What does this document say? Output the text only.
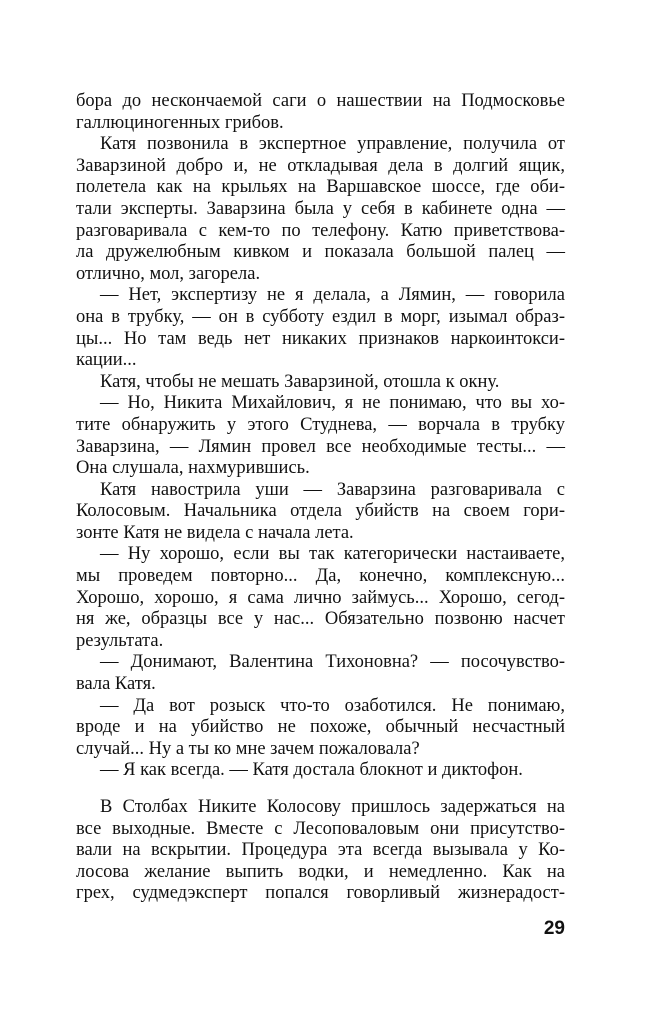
бора до нескончаемой саги о нашествии на Подмосковье
галлюциногенных грибов.
Катя позвонила в экспертное управление, получила от
Заварзиной добро и, не откладывая дела в долгий ящик,
полетела как на крыльях на Варшавское шоссе, где оби-
тали эксперты. Заварзина была у себя в кабинете одна —
разговаривала с кем-то по телефону. Катю приветствова-
ла дружелюбным кивком и показала большой палец —
отлично, мол, загорела.
— Нет, экспертизу не я делала, а Лямин, — говорила
она в трубку, — он в субботу ездил в морг, изымал образ-
цы... Но там ведь нет никаких признаков наркоинтокси-
кации...
Катя, чтобы не мешать Заварзиной, отошла к окну.
— Но, Никита Михайлович, я не понимаю, что вы хо-
тите обнаружить у этого Студнева, — ворчала в трубку
Заварзина, — Лямин провел все необходимые тесты... —
Она слушала, нахмурившись.
Катя навострила уши — Заварзина разговаривала с
Колосовым. Начальника отдела убийств на своем гори-
зонте Катя не видела с начала лета.
— Ну хорошо, если вы так категорически настаиваете,
мы проведем повторно... Да, конечно, комплексную...
Хорошо, хорошо, я сама лично займусь... Хорошо, сегод-
ня же, образцы все у нас... Обязательно позвоню насчет
результата.
— Донимают, Валентина Тихоновна? — посочувство-
вала Катя.
— Да вот розыск что-то озаботился. Не понимаю,
вроде и на убийство не похоже, обычный несчастный
случай... Ну а ты ко мне зачем пожаловала?
— Я как всегда. — Катя достала блокнот и диктофон.
В Столбах Никите Колосову пришлось задержаться на
все выходные. Вместе с Лесоповаловым они присутство-
вали на вскрытии. Процедура эта всегда вызывала у Ко-
лосова желание выпить водки, и немедленно. Как на
грех, судмедэксперт попался говорливый жизнерадост-
29
